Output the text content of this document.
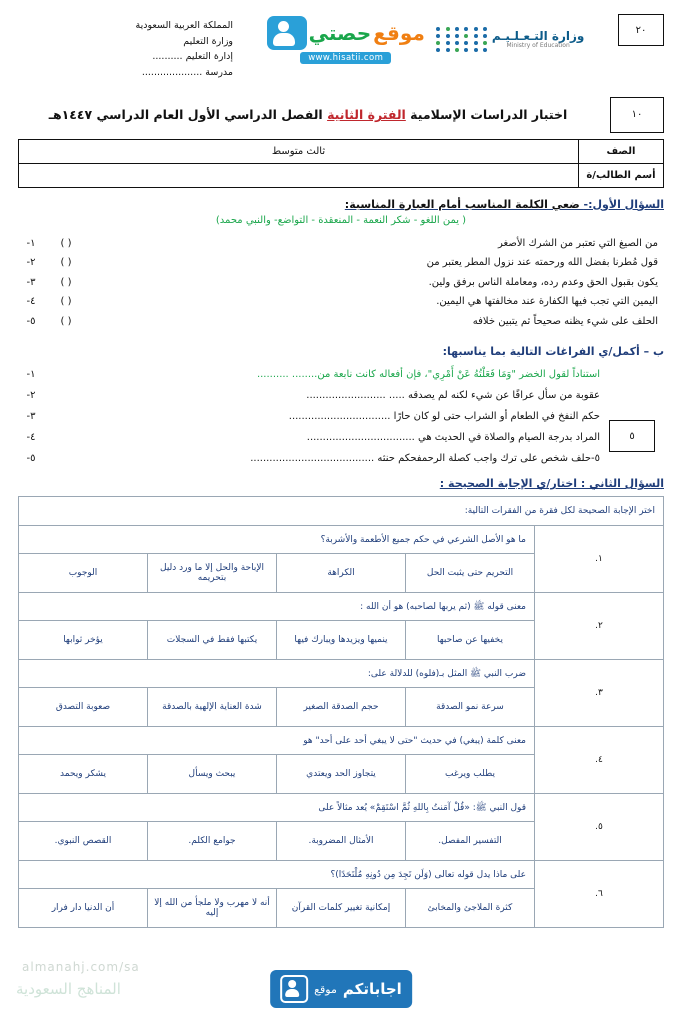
المملكة العربية السعودية
وزارة التعليم
إدارة التعليم ..........
مدرسة ....................
وزارة التـعـلـيـم
Ministry of Education
حصتي موقع
www.hisatii.com
٢٠
١٠
اختبار الدراسات الإسلامية الفترة الثانية الفصل الدراسي الأول العام الدراسي ١٤٤٧هـ
الصف	ثالث متوسط
أسم الطالب/ة	
السؤال الأول:- ضعي الكلمة المناسب أمام العبارة المناسبة:
( يمن اللغو - شكر النعمة - المنعقدة - التواضع- والنبي محمد)
١-	( )	من الصيغ التي تعتبر من الشرك الأصغر
٢-	( )	قول مُطرنا بفضل الله ورحمته عند نزول المطر يعتبر من
٣-	( )	يكون بقبول الحق وعدم رده، ومعاملة الناس برفق ولين.
٤-	( )	اليمين التي تجب فيها الكفارة عند مخالفتها هي اليمين.
٥-	( )	الحلف على شيء يظنه صحيحاً ثم يتبين خلافه
ب – أكمل/ي الفراغات التالية بما يناسبها:
٥
١-	استناداً لقول الخضر "وَمَا فَعَلْتُهُ عَنْ أَمْرِي"، فإن أفعاله كانت نابعة من........ ..........
٢-	عقوبة من سأل عرافًا عن شيء لكنه لم يصدقه ..... .........................
٣-	حكم النفخ في الطعام أو الشراب حتى لو كان حارًا ................................
٤-	المراد بدرجة الصيام والصلاة في الحديث هي ..................................
٥-	٥-حلف شخص على ترك واجب كصلة الرحمفحكم حنثه .......................................
السؤال الثاني : اختار/ي الإجابة الصحيحة :
اختر الإجابة الصحيحة لكل فقرة من الفقرات التالية:				
١.	ما هو الأصل الشرعي في حكم جميع الأطعمة والأشربة؟			
	التحريم حتى يثبت الحل	الكراهة	الإباحة والحل إلا ما ورد دليل بتحريمه	الوجوب
٢.	معنى قوله ﷺ (ثم يربها لصاحبه) هو أن الله :			
	يخفيها عن صاحبها	ينميها ويزيدها ويبارك فيها	يكتبها فقط في السجلات	يؤخر ثوابها
٣.	ضرب النبي ﷺ المثل بـ(فلوه) للدلالة على:			
	سرعة نمو الصدقة	حجم الصدقة الصغير	شدة العناية الإلهية بالصدقة	صعوبة التصدق
٤.	معنى كلمة (يبغي) في حديث "حتى لا يبغي أحد على أحد" هو			
	يطلب ويرغب	يتجاوز الحد ويعتدي	يبحث ويسأل	يشكر ويحمد
٥.	قول النبي ﷺ: «قُلْ آمَنتُ بِاللهِ ثُمَّ اسْتَقِمْ» يُعد مثالاً على			
	التفسير المفصل.	الأمثال المضروبة.	جوامع الكلم.	القصص النبوي.
٦.	على ماذا يدل قوله تعالى (وَلَن تَجِدَ مِن دُونِهِ مُلْتَحَدًا)؟			
	كثرة الملاجئ والمخابئ	إمكانية تغيير كلمات القرآن	أنه لا مهرب ولا ملجأ من الله إلا إليه	أن الدنيا دار فرار
almanahj.com/sa
المناهج السعودية	موقع اجاباتكم
